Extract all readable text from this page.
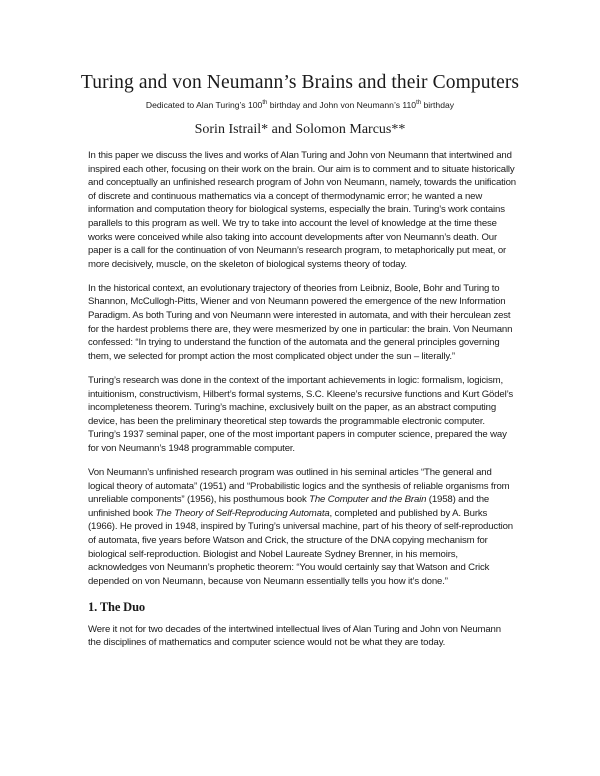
Turing and von Neumann’s Brains and their Computers
Dedicated to Alan Turing’s 100th birthday and John von Neumann’s 110th birthday
Sorin Istrail* and Solomon Marcus**

In this paper we discuss the lives and works of Alan Turing and John von Neumann that intertwined and inspired each other, focusing on their work on the brain. Our aim is to comment and to situate historically and conceptually an unfinished research program of John von Neumann, namely, towards the unification of discrete and continuous mathematics via a concept of thermodynamic error; he wanted a new information and computation theory for biological systems, especially the brain. Turing’s work contains parallels to this program as well. We try to take into account the level of knowledge at the time these works were conceived while also taking into account developments after von Neumann’s death. Our paper is a call for the continuation of von Neumann’s research program, to metaphorically put meat, or more decisively, muscle, on the skeleton of biological systems theory of today.

In the historical context, an evolutionary trajectory of theories from Leibniz, Boole, Bohr and Turing to Shannon, McCullogh-Pitts, Wiener and von Neumann powered the emergence of the new Information Paradigm. As both Turing and von Neumann were interested in automata, and with their herculean zest for the hardest problems there are, they were mesmerized by one in particular: the brain. Von Neumann confessed: “In trying to understand the function of the automata and the general principles governing them, we selected for prompt action the most complicated object under the sun – literally.”

Turing’s research was done in the context of the important achievements in logic: formalism, logicism, intuitionism, constructivism, Hilbert’s formal systems, S.C. Kleene’s recursive functions and Kurt Gödel’s incompleteness theorem. Turing’s machine, exclusively built on the paper, as an abstract computing device, has been the preliminary theoretical step towards the programmable electronic computer. Turing’s 1937 seminal paper, one of the most important papers in computer science, prepared the way for von Neumann’s 1948 programmable computer.

Von Neumann’s unfinished research program was outlined in his seminal articles “The general and logical theory of automata” (1951) and “Probabilistic logics and the synthesis of reliable organisms from unreliable components” (1956), his posthumous book The Computer and the Brain (1958) and the unfinished book The Theory of Self-Reproducing Automata, completed and published by A. Burks (1966). He proved in 1948, inspired by Turing’s universal machine, part of his theory of self-reproduction of automata, five years before Watson and Crick, the structure of the DNA copying mechanism for biological self-reproduction. Biologist and Nobel Laureate Sydney Brenner, in his memoirs, acknowledges von Neumann’s prophetic theorem: “You would certainly say that Watson and Crick depended on von Neumann, because von Neumann essentially tells you how it’s done.”

1. The Duo

Were it not for two decades of the intertwined intellectual lives of Alan Turing and John von Neumann the disciplines of mathematics and computer science would not be what they are today.
